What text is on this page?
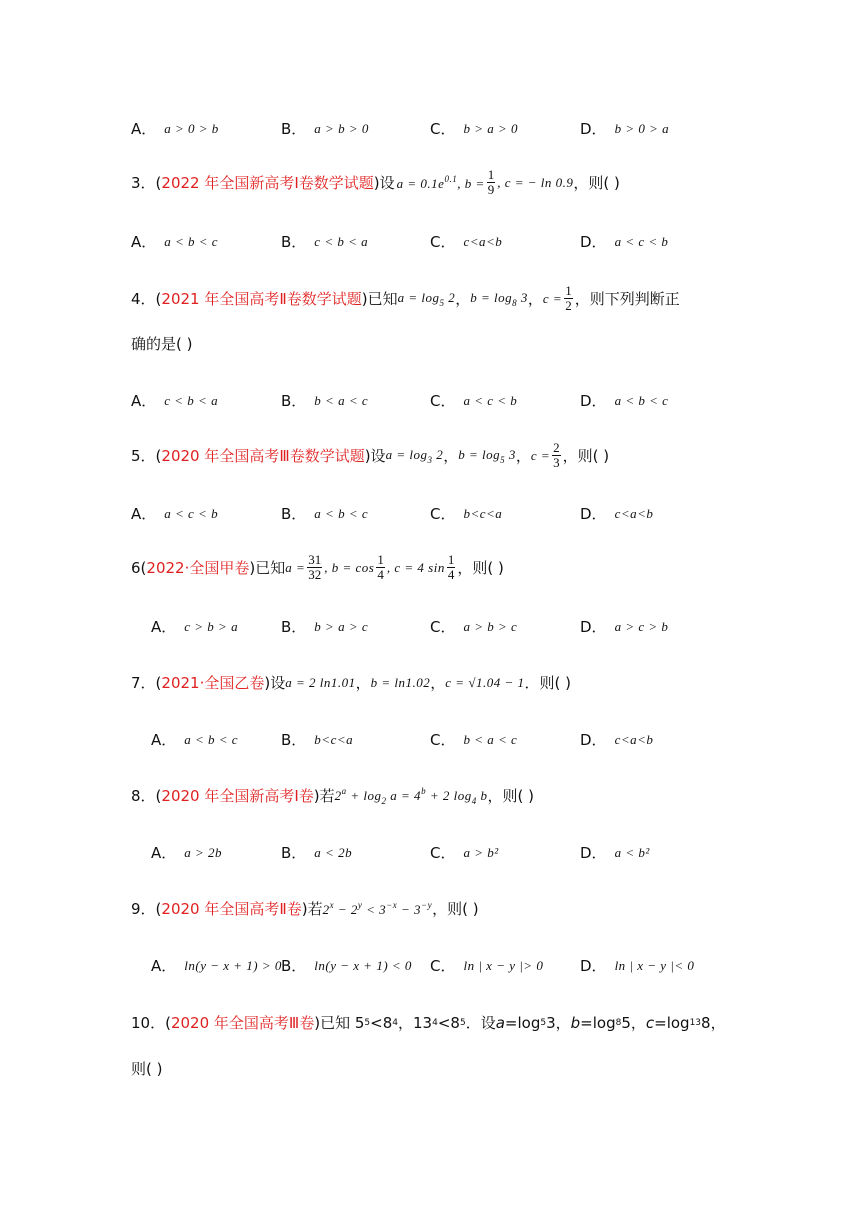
A． a > 0 > b	B． a > b > 0	C． b > a > 0	D． b > 0 > a
3．( 2022 年全国新高考Ⅰ卷数学试题 )设 $a = 0.1e^{0.1}$, $b = \frac{1}{9}$ , c = − ln 0.9 ，则( )
A． a < b < c	B． c < b < a	C． c<a<b	D． a < c < b
4．( 2021 年全国高考Ⅱ卷数学试题 )已知 $a = \log_5 2$ ， $b = \log_8 3$ ， $c = \frac{1}{2}$ ，则下列判断正
确的是( )
A． c < b < a	B． b < a < c	C． a < c < b	D． a < b < c
5．( 2020 年全国高考Ⅲ卷数学试题 )设 $a = \log_3 2$ ， $b = \log_5 3$ ， $c = \frac{2}{3}$ ，则( )
A． a < c < b	B． a < b < c	C． b<c<a	D． c<a<b
6( 2022·全国甲卷 )已知 $a = \frac{31}{32}$ , $b = \cos \frac{1}{4}$ , c = 4 $\sin \frac{1}{4}$ ，则( )
A． c > b > a	B． b > a > c	C． a > b > c	D． a > c > b
7．( 2021·全国乙卷 )设 a = 2 ln1.01 ， b = ln1.02 ， c = √1.04 − 1 ．则( )
A． a < b < c	B． b<c<a	C． b < a < c	D． c<a<b
8．( 2020 年全国新高考Ⅰ卷 )若 $2^a + \log_2 a = 4^b + 2$ $\log_4 b$ ，则( )
A． a > 2b	B． a < 2b	C． a > b²	D． a < b²
9．( 2020 年全国高考Ⅱ卷 )若 $2^x - 2^y < 3^{-x} - 3^{-y}$ ，则( )
A． ln(y − x + 1) > 0 B． ln(y − x + 1) < 0 C． ln | x − y |> 0 D． ln | x − y |< 0
10．( 2020 年全国高考Ⅲ卷 )已知 5 5 <8 4 ，13 4 <8 5 ．设 a =log 5 3， b =log 8 5， c =log 13 8，
则( )
